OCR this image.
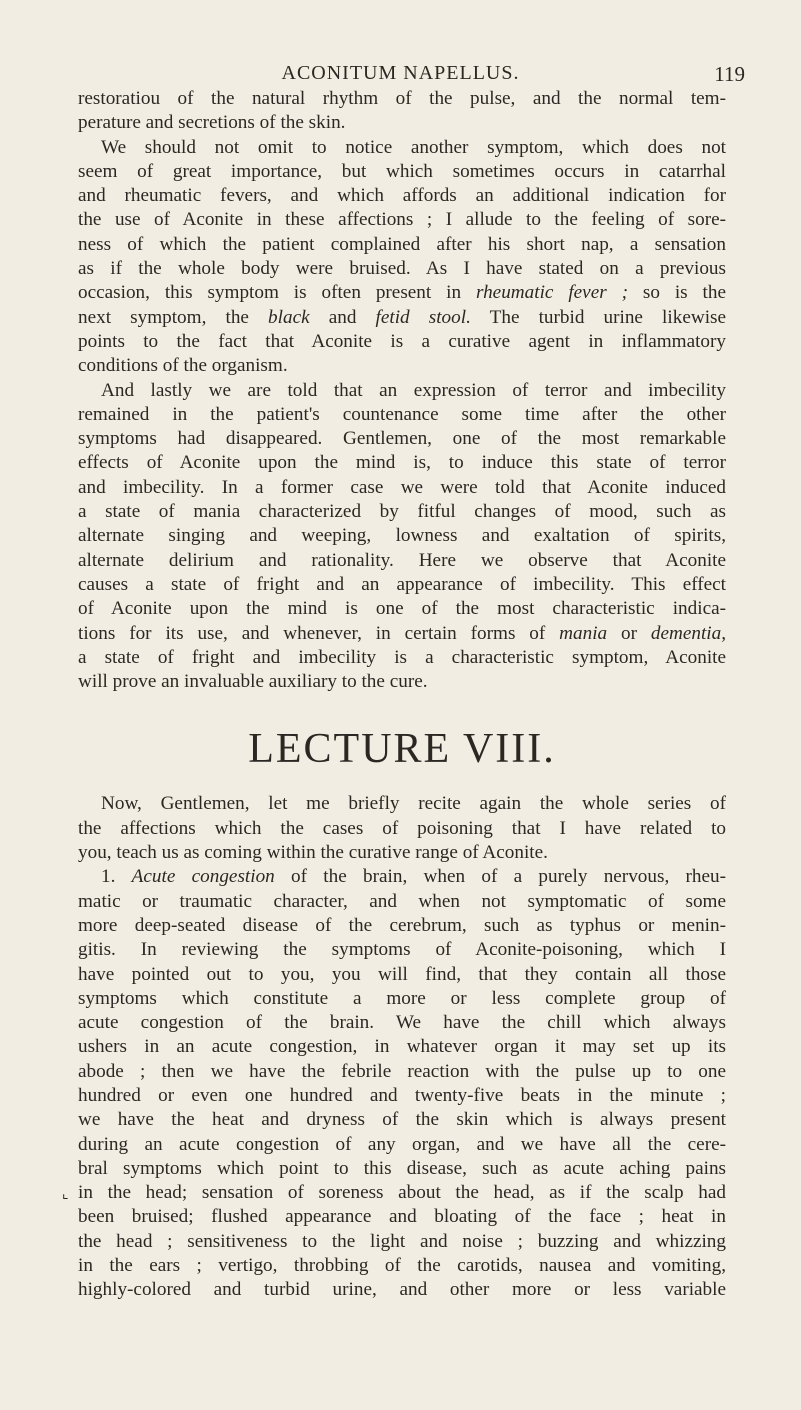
ACONITUM NAPELLUS.	119
⌞
restoratiou of the natural rhythm of the pulse, and the normal tem-
perature and secretions of the skin.
We should not omit to notice another symptom, which does not
seem of great importance, but which sometimes occurs in catarrhal
and rheumatic fevers, and which affords an additional indication for
the use of Aconite in these affections ; I allude to the feeling of sore-
ness of which the patient complained after his short nap, a sensation
as if the whole body were bruised. As I have stated on a previous
occasion, this symptom is often present in rheumatic fever ; so is the
next symptom, the black and fetid stool. The turbid urine likewise
points to the fact that Aconite is a curative agent in inflammatory
conditions of the organism.
And lastly we are told that an expression of terror and imbecility
remained in the patient's countenance some time after the other
symptoms had disappeared. Gentlemen, one of the most remarkable
effects of Aconite upon the mind is, to induce this state of terror
and imbecility. In a former case we were told that Aconite induced
a state of mania characterized by fitful changes of mood, such as
alternate singing and weeping, lowness and exaltation of spirits,
alternate delirium and rationality. Here we observe that Aconite
causes a state of fright and an appearance of imbecility. This effect
of Aconite upon the mind is one of the most characteristic indica-
tions for its use, and whenever, in certain forms of mania or dementia,
a state of fright and imbecility is a characteristic symptom, Aconite
will prove an invaluable auxiliary to the cure.
LECTURE VIII.
Now, Gentlemen, let me briefly recite again the whole series of
the affections which the cases of poisoning that I have related to
you, teach us as coming within the curative range of Aconite.
1. Acute congestion of the brain, when of a purely nervous, rheu-
matic or traumatic character, and when not symptomatic of some
more deep-seated disease of the cerebrum, such as typhus or menin-
gitis. In reviewing the symptoms of Aconite-poisoning, which I
have pointed out to you, you will find, that they contain all those
symptoms which constitute a more or less complete group of
acute congestion of the brain. We have the chill which always
ushers in an acute congestion, in whatever organ it may set up its
abode ; then we have the febrile reaction with the pulse up to one
hundred or even one hundred and twenty-five beats in the minute ;
we have the heat and dryness of the skin which is always present
during an acute congestion of any organ, and we have all the cere-
bral symptoms which point to this disease, such as acute aching pains
in the head; sensation of soreness about the head, as if the scalp had
been bruised; flushed appearance and bloating of the face ; heat in
the head ; sensitiveness to the light and noise ; buzzing and whizzing
in the ears ; vertigo, throbbing of the carotids, nausea and vomiting,
highly-colored and turbid urine, and other more or less variable
